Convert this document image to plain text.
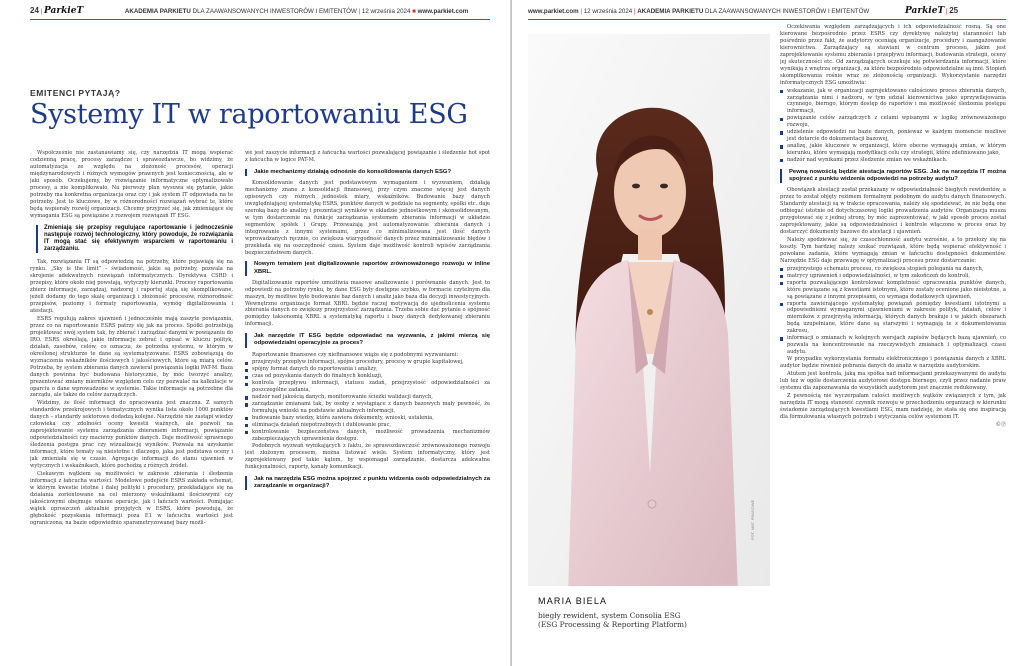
24 | ParkieT	AKADEMIA PARKIETU DLA ZAAWANSOWANYCH INWESTORÓW I EMITENTÓW | 12 września 2024 ■ www.parkiet.com
EMITENCI PYTAJĄ?
Systemy IT w raportowaniu ESG

Współcześnie nie zastanawiamy się, czy narzędzia IT mogą wspierać codzienną pracę, procesy zarządcze i sprawozdawcze, bo widzimy, że automatyzacja ze względu na złożoność procesów, operacji międzynarodowych i różnych wymogów prawnych jest koniecznością, ale w jaki sposób. Oczekujemy, by rozwiązanie informatyczne optymalizowało procesy, a nie komplikowało. Na pierwszy plan wysuwa się pytanie, jakie potrzeby ma konkretna organizacja oraz czy i jak system IT odpowiada na te potrzeby. Jest to kluczowe, by w różnorodności rozwiązań wybrać te, które będą wspierały rozwój organizacji. Chcemy przyjrzeć się, jak zmieniające się wymagania ESG są powiązane z rozwojem rozwiązań IT ESG.

Zmieniają się przepisy regulujące raportowanie i jednocześnie następuje rozwój technologiczny, który powoduje, że rozwiązania IT mogą stać się efektywnym wsparciem w raportowaniu i zarządzaniu.

Tak, rozwiązania IT są odpowiedzią na potrzeby, które pojawiają się na rynku. „Sky is the limit” – świadomość, jakie są potrzeby, pozwala na skrojenie adekwatnych rozwiązań informatycznych. Dyrektywa CSRD i przepisy, które około niej powstają, wytyczyły kierunki. Procesy raportowania zbierz informacje, zarządzaj, nadzoruj i raportuj stają się skomplikowane, jeżeli dodamy do tego skalę organizacji i złożoność procesów, różnorodność przepisów, poziomy i formaty raportowania, wymóg digitalizowania i atestacji.

ESRS regulują zakres ujawnień i jednocześnie mają zaszyte powiązania, przez co na raportowanie ESRS patrzy się jak na proces. Spółki potrzebują projektować swój system tak, by zbierać i zarządzać danymi w powiązaniu do IRO. ESRS określają, jakie informacje zebrać i opisać w kluczu polityk, działań, zasobów, celów, co oznacza, że potrzeba systemu, w którym w określonej strukturze te dane są systematyzowane. ESRS zobowiązują do wyznaczenia wskaźników ilościowych i jakościowych, które są miarą celów. Potrzeba, by system zbierania danych zawierał powiązania logiki PAT-M. Baza danych powinna być budowana historycznie, by móc tworzyć analizy, prezentować zmiany mierników względem celu czy pozwalać na kalkulacje w oparciu o dane wprowadzone w systemie. Takie informacje są potrzebne dla zarządu, ale także do celów zarządczych.

Widzimy, że ilość informacji do opracowania jest znaczna. Z samych standardów przekrojowych i tematycznych wynika lista około 1000 punktów danych – standardy sektorowe dodadzą kolejne. Narzędzie nie zastąpi wiedzy człowieka czy zdolności oceny kwestii ważnych, ale pozwoli na zaprojektowanie systemu zarządzania zbieraniem informacji, powiązanie odpowiedzialności czy macierzy punktów danych. Daje możliwość sprawnego śledzenia postępu prac czy wizualizację wyników. Pozwala na uzyskanie informacji, które tematy są nieistotne i dlaczego, jaka jest podstawa oceny i jak zmieniała się w czasie. Agregacje informacji do stanu ujawnień w wytycznych i wskaźnikach, które pochodzą z różnych źródeł.

Ciekawym wątkiem są możliwości w zakresie zbierania i śledzenia informacji z łańcucha wartości. Modelowe podejście ESRS zakłada schemat, w którym kwestie istotne i dalej polityki i procedury, przekładające się na działania zorientowane na cel mierzony wskaźnikami ilościowymi czy jakościowymi obejmuje własne operacje, jak i łańcuch wartości. Pomijając wątek uproszczeń aktualnie przyjętych w ESRS, które powodują, że głębokość pozyskania informacji poza E1 w łańcuchu wartości jest ograniczona, na bazie odpowiednio sparametryzowanej bazy możli-

we jest zaszycie informacji z łańcucha wartości pozwalającej powiązanie i śledzenie hot spot z łańcucha w logice PAT-M.

Jakie mechanizmy działają odnośnie do konsolidowania danych ESG?

Konsolidowanie danych jest podstawowym wymaganiem i wyzwaniem, działają mechanizmy znane z konsolidacji finansowej, przy czym znaczne więcej jest danych opisowych czy różnych jednostek miary, wskaźników. Budowanie bazy danych uwzględniającej systematykę ESRS, punktów danych w podziale na segmenty, spółki etc. daje szeroką bazę do analizy i prezentacji wyników w układzie jednostkowym i skonsolidowanym, w tym dostarczenie na funkcje zarządzania systemem zbierania informacji w układzie segmentów, spółek i Grupy. Przeważają jest automatyzowanie zbierania danych i integrowanie z innymi systemami, przez co minimalizowana jest ilość danych wprowadzanych ręcznie, co zwiększa wiarygodność danych przez minimalizowanie błędów i przekłada się na oszczędność czasu. System daje możliwość kontroli wpisów zarządzania bezpieczeństwem danych.

Nowym tematem jest digitalizowanie raportów zrównoważonego rozwoju w inline XBRL.

Digitalizowanie raportów umożliwia masowe analizowanie i porównanie danych. Jest to odpowiedź na potrzeby rynku, by dane ESG były dostępne szybko, w formacie czytelnym dla maszyn, by możliwe było budowanie baz danych i analiz jako baza dla decyzji inwestycyjnych. Wewnętrzne organizacje format XBRL będzie raczej motywacją do ujednolicenia systemu zbierania danych co zwiększy przejrzystość zarządzania. Trzeba sobie dać pytanie o spójność pomiędzy taksonomią XBRL a systematyką raportu i bazy danych dedykowanej zbieraniu informacji.

Jak narzędzie IT ESG będzie odpowiadać na wyzwania, z jakimi mierzą się odpowiedzialni operacyjnie za proces?

Raportowanie finansowe czy niefinansowe wiąże się z podobnymi wyzwaniami:

przejrzysty przepływ informacji, spójne procedury, procesy w grupie kapitałowej,
spójny format danych do raportowania i analizy,
czas od pozyskania danych do finalnych konkluzji,
kontrola przepływu informacji, statusu zadań, przejrzystość odpowiedzialności za poszczególne zadania,
nadzór nad jakością danych, monitorowanie ścieżki walidacji danych,
zarządzanie zmianami tak, by osoby z wystąpiące z danych bazowych mały pewność, że formułują wnioski na podstawie aktualnych informacji,
budowanie bazy wiedzy, która zawiera dokumenty, wnioski, ustalenia,
eliminacja działań niepotrzebnych i dublowanie prac,
kontrolowanie bezpieczeństwa danych, możliwość prowadzenia mechanizmów zabezpieczających uprawnienia dostępu.

Podobnych wyzwań wynikających z faktu, że sprawozdawczość zrównoważonego rozwoju jest złożonym procesem, można listować wiele. System informatyczny, który jest zaprojektowany pod takie kątem, by wspomagał zarządzanie, dostarcza adekwatne funkcjonalności, raporty, kanały komunikacji.

Jak na narzędzia ESG można spojrzeć z punktu widzenia osób odpowiedzialnych za zarządzanie w organizacji?
www.parkiet.com | 12 września 2024 | AKADEMIA PARKIETU DLA ZAAWANSOWANYCH INWESTORÓW I EMITENTÓW	ParkieT | 25

Oczekiwania względem zarządzających i ich odpowiedzialność rosną. Są one kierowane bezpośrednio przez ESRS czy dyrektywę należytej staranności lub pośrednio przez fakt, że audytorzy oceniają organizacje, procedury i zaangażowanie kierownictwa. Zarządzający są stawiani w centrum procesu, jakim jest zaprojektowanie systemu zbierania i przepływu informacji, budowania strategii, oceny jej skuteczności etc. Od zarządzających oczekuje się potwierdzania informacji, które wynikają z wnętrza organizacji, za które bezpośrednio odpowiedzialne są inni. Stopień skomplikowania rośnie wraz ze złożonością organizacji. Wykorzystanie narzędzi informatycznych ESG umożliwia:

wskazanie, jak w organizacji zaprojektowano całościowo proces zbierania danych, zarządzania nimi i nadzoru, w tym udział kierownictwa jako uprzywilejowania czynnego, bierngo, którym dostęp do raportów i ma możliwość śledzenia postępu informacji,
powiązanie celów zarządczych z celami wpisanymi w logikę zrównoważonego rozwoju,
udzielenie odpowiedzi na bazie danych, ponieważ w każdym momencie możliwe jest dotarcie do dokumentacji bazowej,
analizę, jakie kluczowe w organizacji, które obecne wymagają zmian, w którym kierunku, które wymagają modyfikacji celu czy strategii, które zdefiniowano jako,
nadzór nad wynikami przez śledzenie zmian we wskaźnikach.
Pewną nowością będzie atestacja raportów ESG. Jak na narzędzia IT można spojrzeć z punktu widzenia odpowiedzi na potrzeby audytu?

Obowiązek atestacji został przekazany w odpowiedzialność biegłych rewidentów, a przez to został objęty reżimem formalnym podobnym do audytu danych finansowych. Standardy atestacji są w trakcie opracowania, należy się spodziewać, że nie będą one odbiegać istotnie od dotychczasowej logiki prowadzenia audytów. Organizacja musza przygotować się z jednej strony, by móc zaprezentować, w jaki sposób proces został zaprojektowany, jakie są odpowiedzialności i kontrole włączone w proces oraz by dostarczyć dokumenty bazowe do atestacji i ujawnień.

Należy spodziewać się, że czasochłonność audytu wzrośnie, a to przełoży się na koszty. Tym bardziej należy szukać rozwiązań, które będą wspierać efektywność i powołane zadania, które wymagają zmian w łańcuchu dostępności dokumentów. Narzędzie ESG daje przewagę w optymalizacji procesu przez dostarczanie:

przejrzystego schematu procesu, co zwiększa stopień polegania na danych,
matrycy uprawnień i odpowiedzialności, w tym zakończeń do kontroli,
raportu pozwalającego kontrolować kompletność opracowania punktów danych, które powiązane są z kwestiami istotnymi, które zostały ocenione jako nieistotne, a są powiązane z innymi przepisami, co wymaga dodatkowych ujawnień,
raportu zawierającego systematykę powiązań pomiędzy kwestiami istotnymi a odpowiedniemi wymaganymi ujawnieniami w zakresie polityk, działań, celów i mierników z przejrzystą informacją, których danych brakuje i w jakich obszarach będą uzupełniane, które dane są starszymi i wymagają te z dokumentowania zakresu,
informacji o zmianach w kolejnych wersjach zapisów będących bazą ujawnień, co pozwala na koncentrowanie na rzeczywistych zmianach i optymalizacji czasu audytu.

W przypadku wykorzystania formatu elektronicznego i powiązania danych z XBRL audytor będzie również pobrania danych do analiz w narzędziu audytorskim.

Atutem jest kontrola, jaką ma spółka nad informacjami przekazywanymi do audytu lub też w ogóle dostarczenia audytorowi dostępu biernego, czyli przez nadanie praw systemu dla zapoznawania do wszystkich audytorem jest znacznie redukowany.

Z pewnością nie wyczerpałam całości możliwych wątków związanych z tym, jak narzędzia IT mogą stanowić czynnik rozwoju w przechodzeniu organizacji w kierunku świadomie zarządzających kwestiami ESG, mam nadzieję, że stała się one inspiracją dla formułowania własnych potrzeb i wytyczania celów systemom IT.

©Ⓟ

FOT. MAT. PRASOWE
MARIA BIELA
biegły rewident, system Consolia ESG
(ESG Processing & Reporting Platform)
